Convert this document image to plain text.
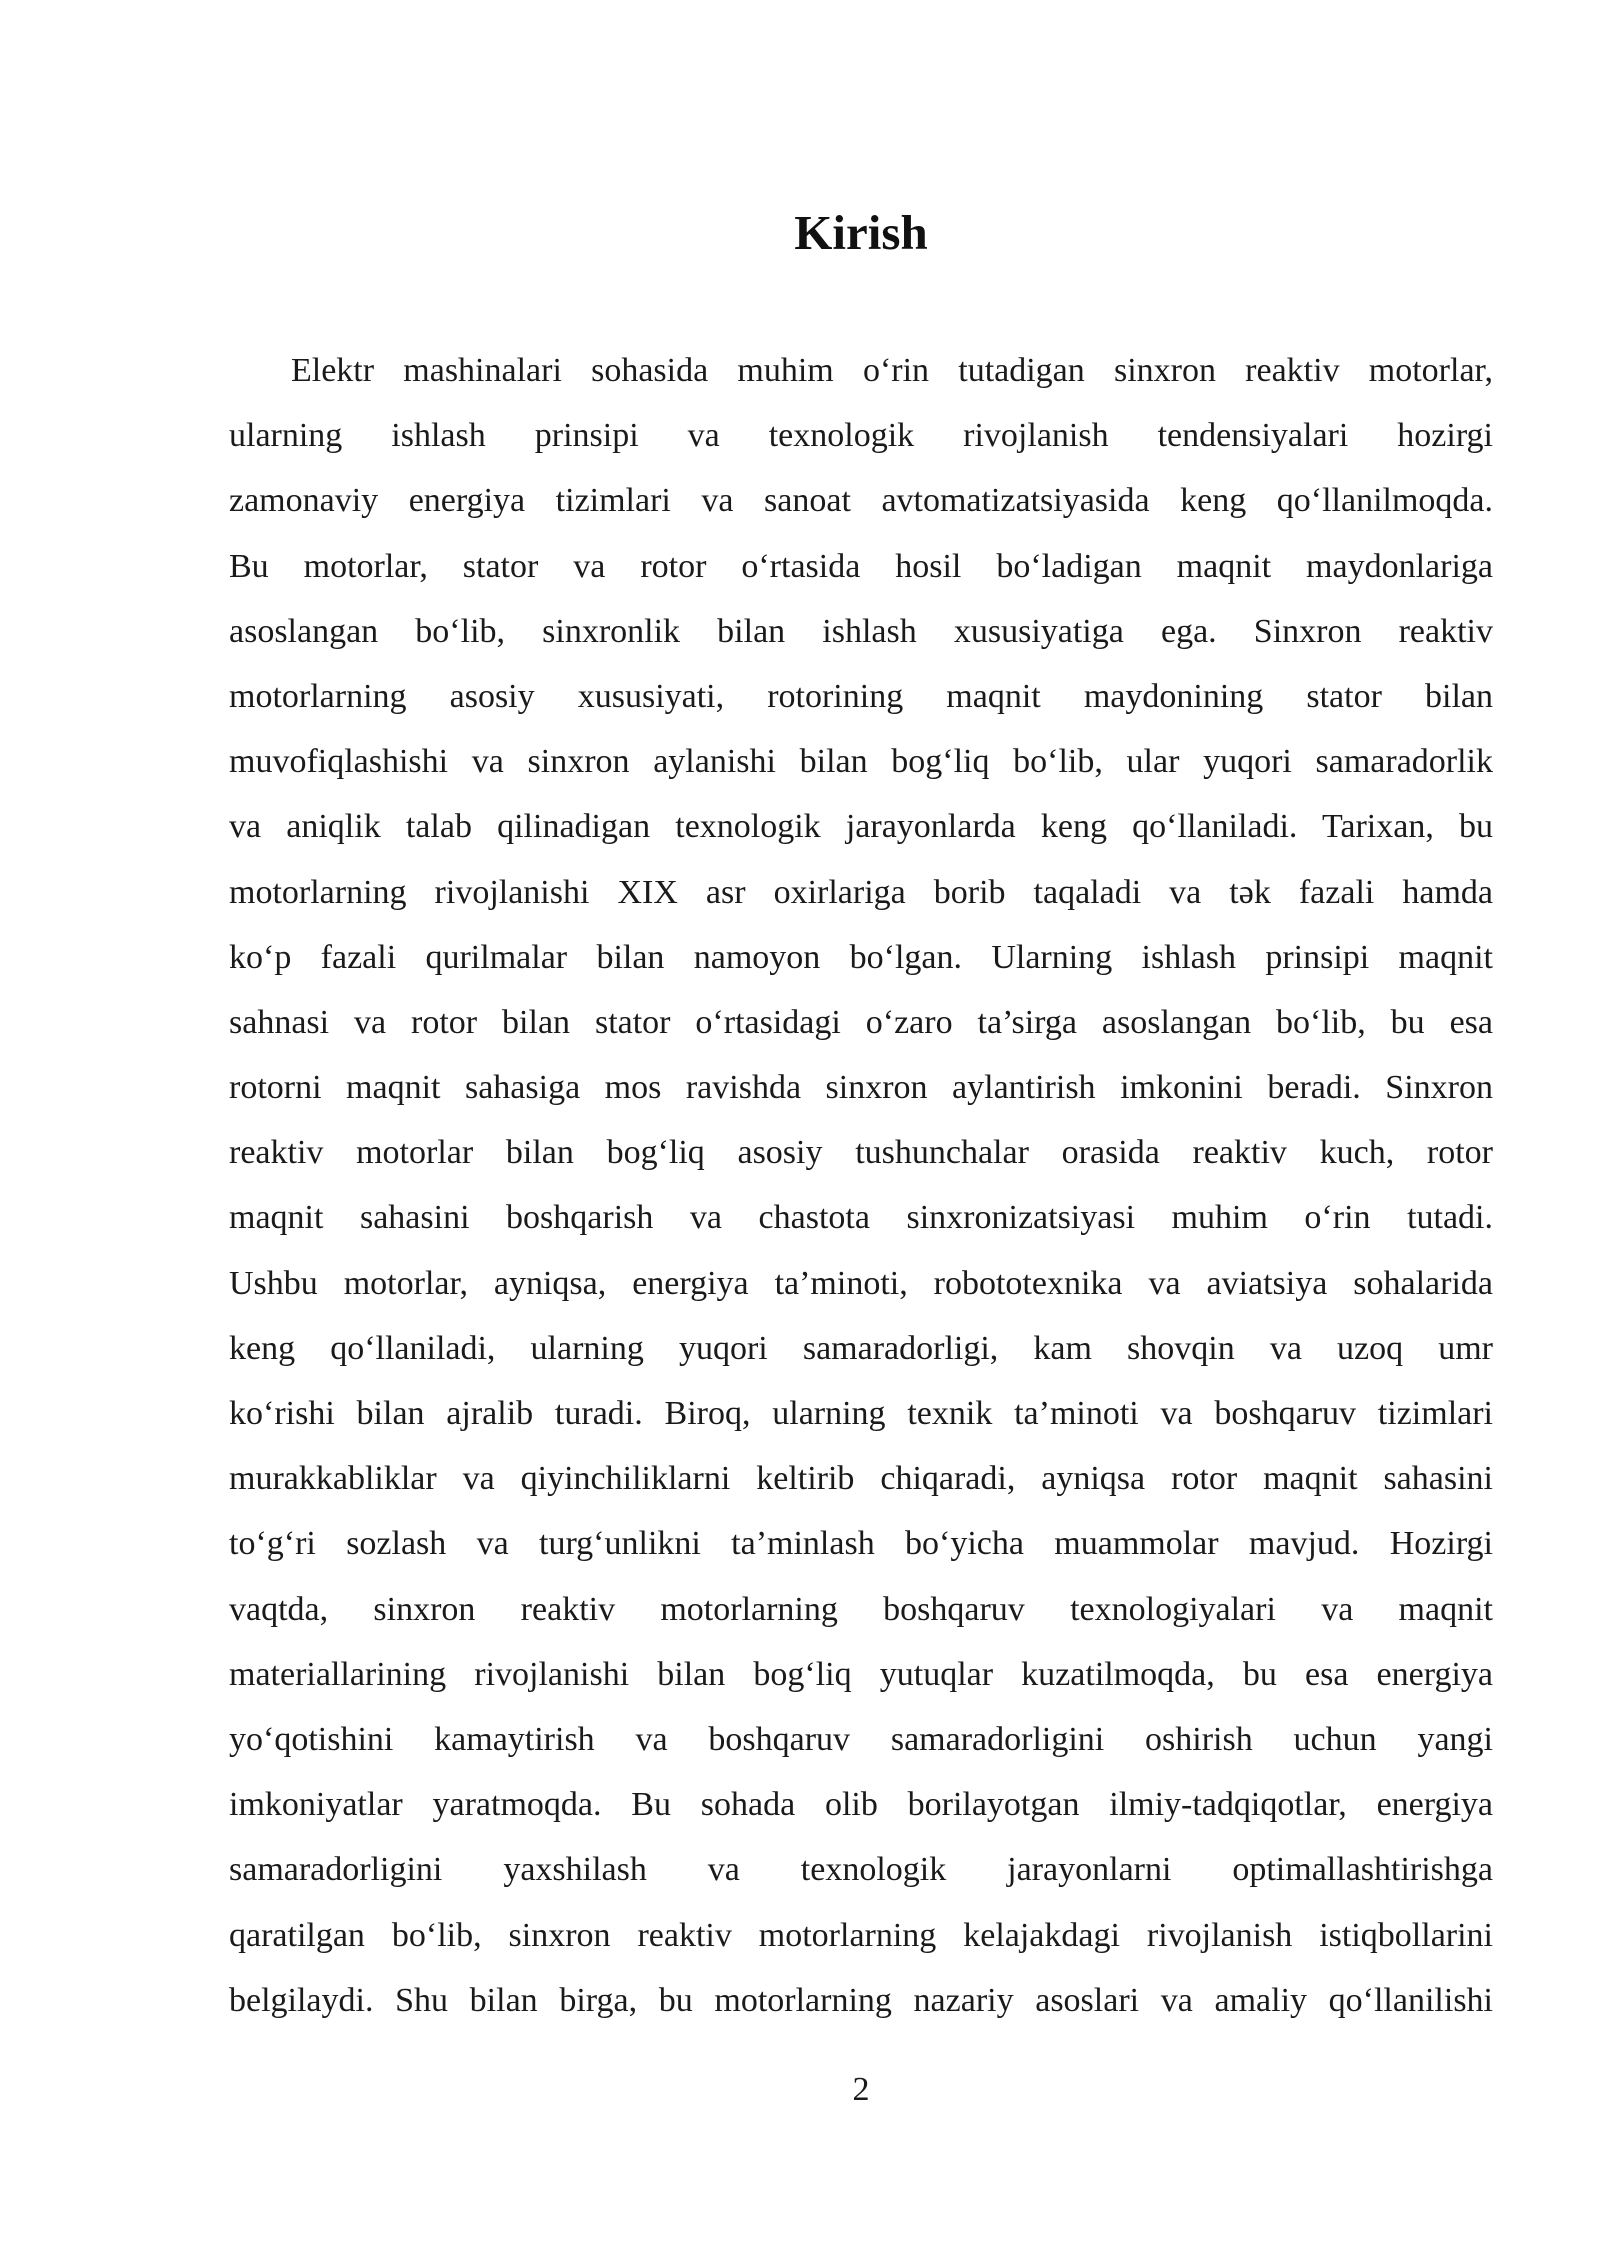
Kirish
Elektr mashinalari sohasida muhim o‘rin tutadigan sinxron reaktiv motorlar,
ularning ishlash prinsipi va texnologik rivojlanish tendensiyalari hozirgi
zamonaviy energiya tizimlari va sanoat avtomatizatsiyasida keng qo‘llanilmoqda.
Bu motorlar, stator va rotor o‘rtasida hosil bo‘ladigan maqnit maydonlariga
asoslangan bo‘lib, sinxronlik bilan ishlash xususiyatiga ega. Sinxron reaktiv
motorlarning asosiy xususiyati, rotorining maqnit maydonining stator bilan
muvofiqlashishi va sinxron aylanishi bilan bog‘liq bo‘lib, ular yuqori samaradorlik
va aniqlik talab qilinadigan texnologik jarayonlarda keng qo‘llaniladi. Tarixan, bu
motorlarning rivojlanishi XIX asr oxirlariga borib taqaladi va tək fazali hamda
ko‘p fazali qurilmalar bilan namoyon bo‘lgan. Ularning ishlash prinsipi maqnit
sahnasi va rotor bilan stator o‘rtasidagi o‘zaro ta’sirga asoslangan bo‘lib, bu esa
rotorni maqnit sahasiga mos ravishda sinxron aylantirish imkonini beradi. Sinxron
reaktiv motorlar bilan bog‘liq asosiy tushunchalar orasida reaktiv kuch, rotor
maqnit sahasini boshqarish va chastota sinxronizatsiyasi muhim o‘rin tutadi.
Ushbu motorlar, ayniqsa, energiya ta’minoti, robototexnika va aviatsiya sohalarida
keng qo‘llaniladi, ularning yuqori samaradorligi, kam shovqin va uzoq umr
ko‘rishi bilan ajralib turadi. Biroq, ularning texnik ta’minoti va boshqaruv tizimlari
murakkabliklar va qiyinchiliklarni keltirib chiqaradi, ayniqsa rotor maqnit sahasini
to‘g‘ri sozlash va turg‘unlikni ta’minlash bo‘yicha muammolar mavjud. Hozirgi
vaqtda, sinxron reaktiv motorlarning boshqaruv texnologiyalari va maqnit
materiallarining rivojlanishi bilan bog‘liq yutuqlar kuzatilmoqda, bu esa energiya
yo‘qotishini kamaytirish va boshqaruv samaradorligini oshirish uchun yangi
imkoniyatlar yaratmoqda. Bu sohada olib borilayotgan ilmiy-tadqiqotlar, energiya
samaradorligini yaxshilash va texnologik jarayonlarni optimallashtirishga
qaratilgan bo‘lib, sinxron reaktiv motorlarning kelajakdagi rivojlanish istiqbollarini
belgilaydi. Shu bilan birga, bu motorlarning nazariy asoslari va amaliy qo‘llanilishi
2
